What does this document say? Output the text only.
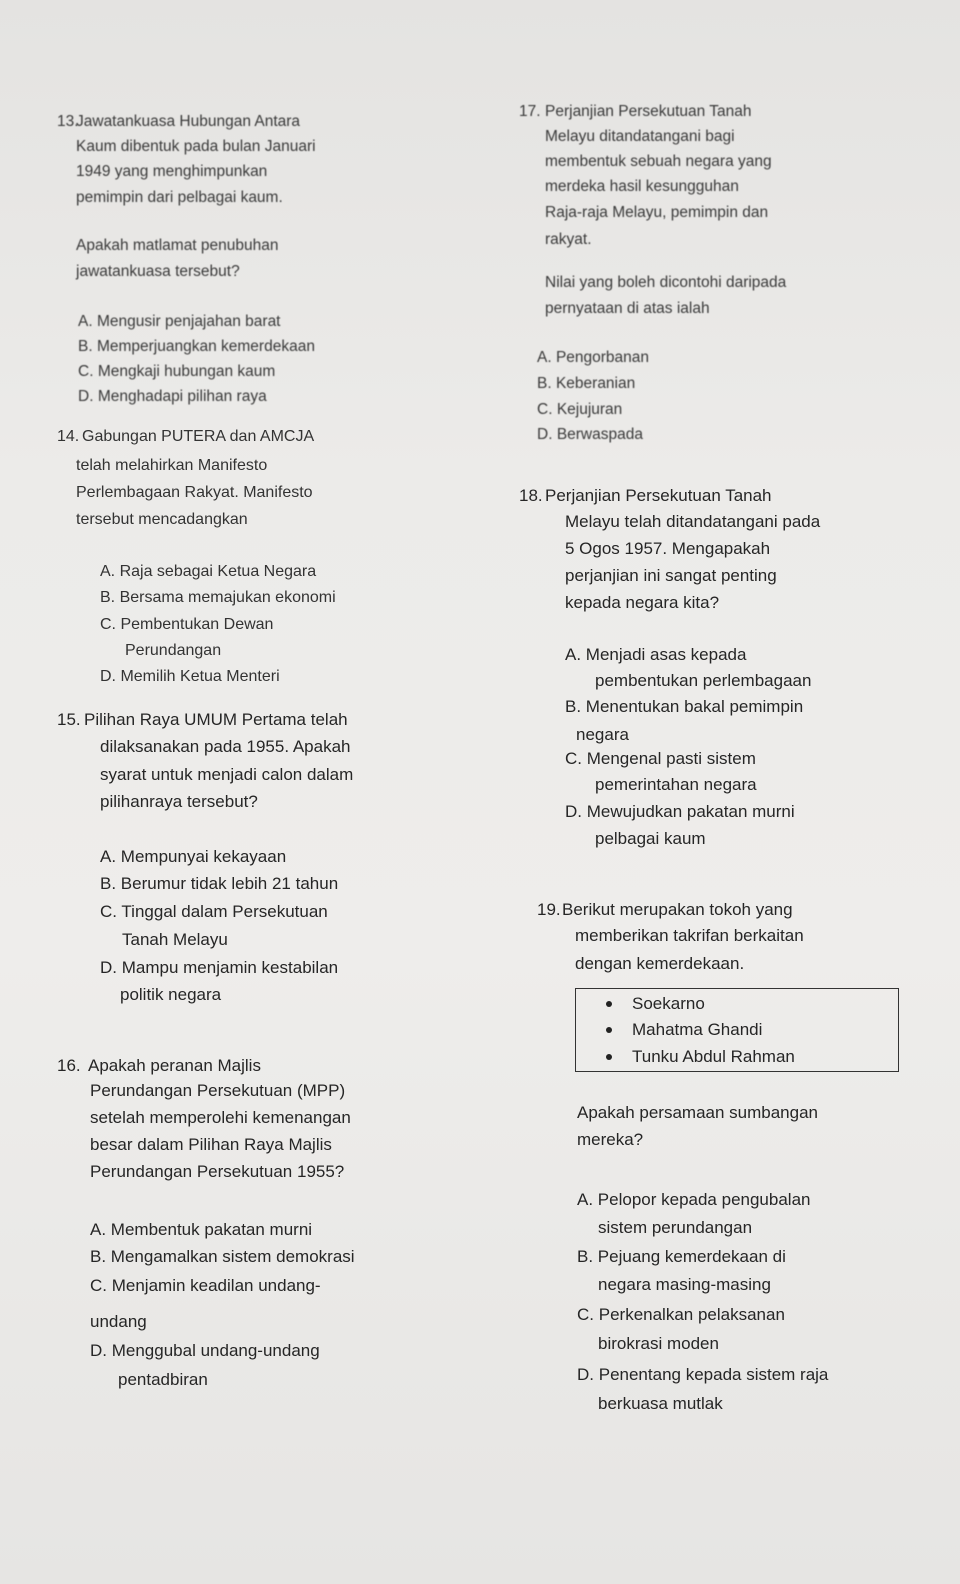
13.
Jawatankuasa Hubungan Antara
Kaum dibentuk pada bulan Januari
1949 yang menghimpunkan
pemimpin dari pelbagai kaum.
Apakah matlamat penubuhan
jawatankuasa tersebut?
A. Mengusir penjajahan barat
B. Memperjuangkan kemerdekaan
C. Mengkaji hubungan kaum
D. Menghadapi pilihan raya
14. Gabungan PUTERA dan AMCJA
telah melahirkan Manifesto
Perlembagaan Rakyat. Manifesto
tersebut mencadangkan
A. Raja sebagai Ketua Negara
B. Bersama memajukan ekonomi
C. Pembentukan Dewan
Perundangan
D. Memilih Ketua Menteri
15. Pilihan Raya UMUM Pertama telah
dilaksanakan pada 1955. Apakah
syarat untuk menjadi calon dalam
pilihanraya tersebut?
A. Mempunyai kekayaan
B. Berumur tidak lebih 21 tahun
C. Tinggal dalam Persekutuan
Tanah Melayu
D. Mampu menjamin kestabilan
politik negara
16. Apakah peranan Majlis
Perundangan Persekutuan (MPP)
setelah memperolehi kemenangan
besar dalam Pilihan Raya Majlis
Perundangan Persekutuan 1955?
A. Membentuk pakatan murni
B. Mengamalkan sistem demokrasi
C. Menjamin keadilan undang-
undang
D. Menggubal undang-undang
pentadbiran
17. Perjanjian Persekutuan Tanah
Melayu ditandatangani bagi
membentuk sebuah negara yang
merdeka hasil kesungguhan
Raja-raja Melayu, pemimpin dan
rakyat.
Nilai yang boleh dicontohi daripada
pernyataan di atas ialah
A. Pengorbanan
B. Keberanian
C. Kejujuran
D. Berwaspada
18. Perjanjian Persekutuan Tanah
Melayu telah ditandatangani pada
5 Ogos 1957. Mengapakah
perjanjian ini sangat penting
kepada negara kita?
A. Menjadi asas kepada
pembentukan perlembagaan
B. Menentukan bakal pemimpin
negara
C. Mengenal pasti sistem
pemerintahan negara
D. Mewujudkan pakatan murni
pelbagai kaum
19. Berikut merupakan tokoh yang
memberikan takrifan berkaitan
dengan kemerdekaan.
Soekarno
Mahatma Ghandi
Tunku Abdul Rahman
Apakah persamaan sumbangan
mereka?
A. Pelopor kepada pengubalan
sistem perundangan
B. Pejuang kemerdekaan di
negara masing-masing
C. Perkenalkan pelaksanan
birokrasi moden
D. Penentang kepada sistem raja
berkuasa mutlak
